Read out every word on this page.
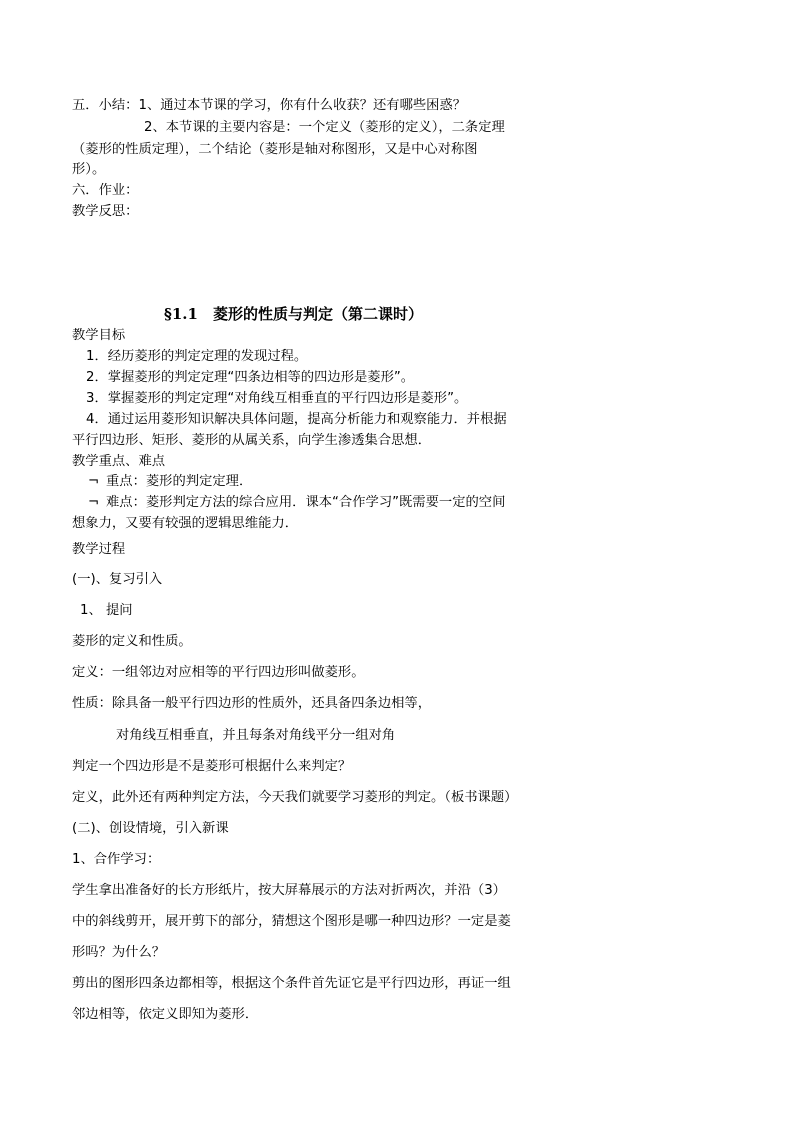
五．小结：1、通过本节课的学习，你有什么收获？还有哪些困惑？

2、本节课的主要内容是：一个定义（菱形的定义），二条定理

（菱形的性质定理），二个结论（菱形是轴对称图形，又是中心对称图

形）。

六．作业：

教学反思：

§1.1　菱形的性质与判定（第二课时）

教学目标

1．经历菱形的判定定理的发现过程。

2．掌握菱形的判定定理“四条边相等的四边形是菱形”。

3．掌握菱形的判定定理“对角线互相垂直的平行四边形是菱形”。

4．通过运用菱形知识解决具体问题，提高分析能力和观察能力．并根据

平行四边形、矩形、菱形的从属关系，向学生渗透集合思想．

教学重点、难点

¬ 重点：菱形的判定定理．

¬ 难点：菱形判定方法的综合应用．课本“合作学习”既需要一定的空间

想象力，又要有较强的逻辑思维能力．

教学过程

(一)、复习引入

1、 提问

菱形的定义和性质。

定义：一组邻边对应相等的平行四边形叫做菱形。

性质：除具备一般平行四边形的性质外，还具备四条边相等，

对角线互相垂直，并且每条对角线平分一组对角

判定一个四边形是不是菱形可根据什么来判定？

定义，此外还有两种判定方法，今天我们就要学习菱形的判定。（板书课题）

(二)、创设情境，引入新课

1、合作学习：

学生拿出准备好的长方形纸片，按大屏幕展示的方法对折两次，并沿（3）

中的斜线剪开，展开剪下的部分，猜想这个图形是哪一种四边形？一定是菱

形吗？为什么？

剪出的图形四条边都相等，根据这个条件首先证它是平行四边形，再证一组

邻边相等，依定义即知为菱形．
